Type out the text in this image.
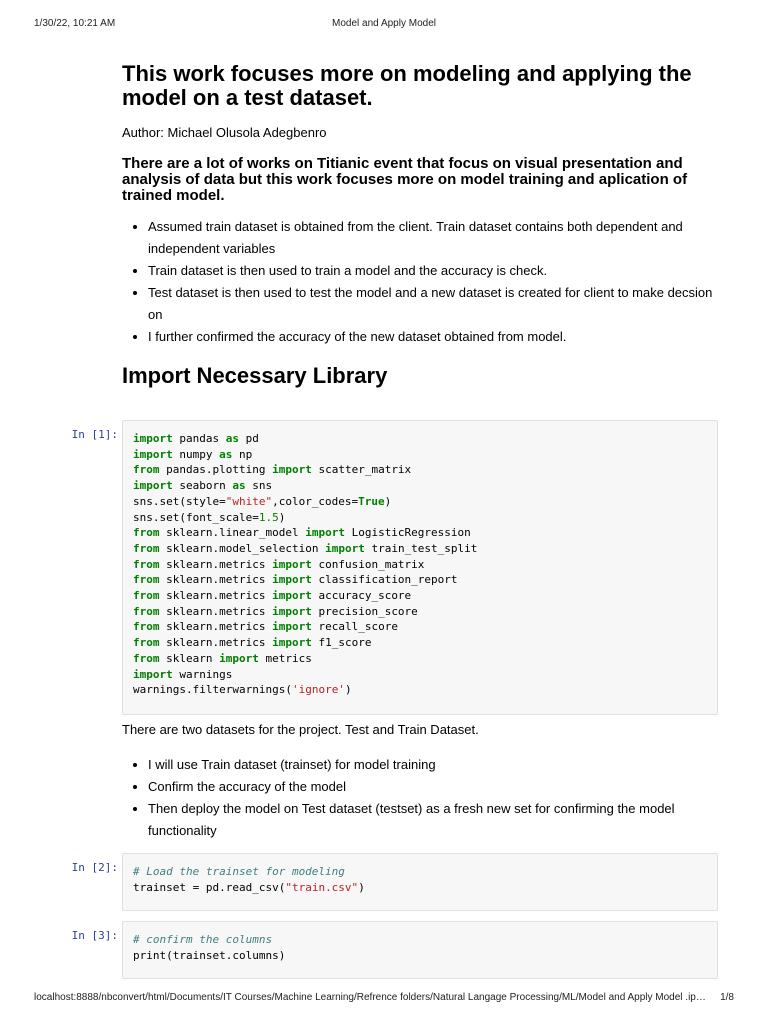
1/30/22, 10:21 AM	Model and Apply Model
This work focuses more on modeling and applying the model on a test dataset.
Author: Michael Olusola Adegbenro
There are a lot of works on Titianic event that focus on visual presentation and analysis of data but this work focuses more on model training and aplication of trained model.
• Assumed train dataset is obtained from the client. Train dataset contains both dependent and independent variables
• Train dataset is then used to train a model and the accuracy is check.
• Test dataset is then used to test the model and a new dataset is created for client to make decsion on
• I further confirmed the accuracy of the new dataset obtained from model.
Import Necessary Library
In [1]: import pandas as pd
import numpy as np
from pandas.plotting import scatter_matrix
import seaborn as sns
sns.set(style="white",color_codes=True)
sns.set(font_scale=1.5)
from sklearn.linear_model import LogisticRegression
from sklearn.model_selection import train_test_split
from sklearn.metrics import confusion_matrix
from sklearn.metrics import classification_report
from sklearn.metrics import accuracy_score
from sklearn.metrics import precision_score
from sklearn.metrics import recall_score
from sklearn.metrics import f1_score
from sklearn import metrics
import warnings
warnings.filterwarnings('ignore')

There are two datasets for the project. Test and Train Dataset.

• I will use Train dataset (trainset) for model training
• Confirm the accuracy of the model
• Then deploy the model on Test dataset (testset) as a fresh new set for confirming the model functionality
In [2]: # Load the trainset for modeling
trainset = pd.read_csv("train.csv")
In [3]: # confirm the columns
print(trainset.columns)
localhost:8888/nbconvert/html/Documents/IT Courses/Machine Learning/Refrence folders/Natural Langage Processing/ML/Model and Apply Model .ip…	1/8
